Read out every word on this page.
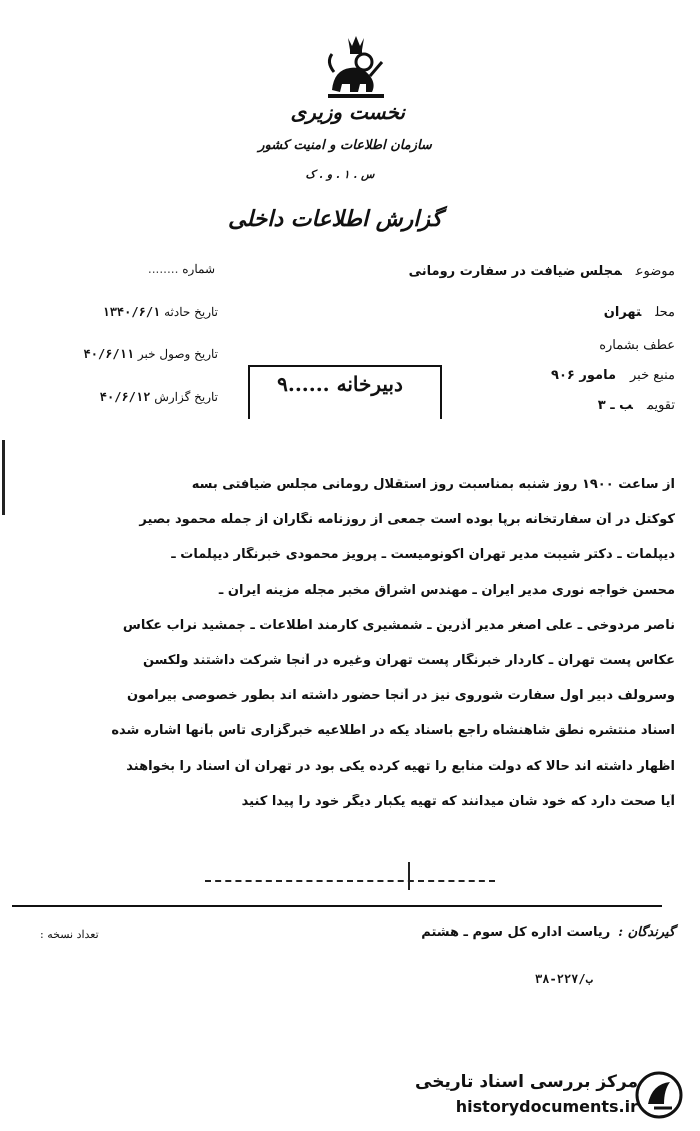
نخست وزیری
سازمان اطلاعات و امنیت کشور
س . ۱ . و . ک
گزارش اطلاعات داخلی
شماره ........
تاریخ حادثه ۱۳۴۰/۶/۱
تاریخ وصول خبر ۴۰/۶/۱۱
تاریخ گزارش ۴۰/۶/۱۲
موضوعمجلس ضیافت در سفارت رومانی
محلتهران
عطف بشماره
منبع خبرمامور ۹۰۶
تقویمب ـ ۳
دبیرخانه ......۹
از ساعت ۱۹۰۰ روز شنبه بمناسبت روز استقلال رومانی مجلس ضیافتی بسه
کوکتل در آن سفارتخانه برپا بوده است جمعی از روزنامه نگاران از جمله محمود بصیر
دیپلمات ـ دکتر شیبت مدیر تهران اکونومیست ـ پرویز محمودی خبرنگار دیپلمات ـ
محسن خواجه نوری مدیر ایران ـ مهندس اشراق مخبر مجله مزینه ایران ـ
ناصر مردوخی ـ علی اصغر مدیر آذرین ـ شمشیری کارمند اطلاعات ـ جمشید نراب عکاس
عکاس پست تهران ـ کاردار خبرنگار پست تهران وغیره در آنجا شرکت داشتند ولکسن
وسرولف دبیر اول سفارت شوروی نیز در آنجا حضور داشته اند بطور خصوصی بیرامون
اسناد منتشره نطق شاهنشاه راجع باسناد یکه در اطلاعیه خبرگزاری تاس بآنها اشاره شده
اظهار داشته اند حالا که دولت منابع را تهیه کرده یکی بود در تهران آن اسناد را بخواهند
آیا صحت دارد که خود شان میدانند که تهیه یکبار دیگر خود را پیدا کنید
گیرندگان :ریاست اداره کل سوم ـ هشتم
تعداد نسخه :
۳۸-۲۲۷/ب
مرکز بررسی اسناد تاریخی
historydocuments.ir
